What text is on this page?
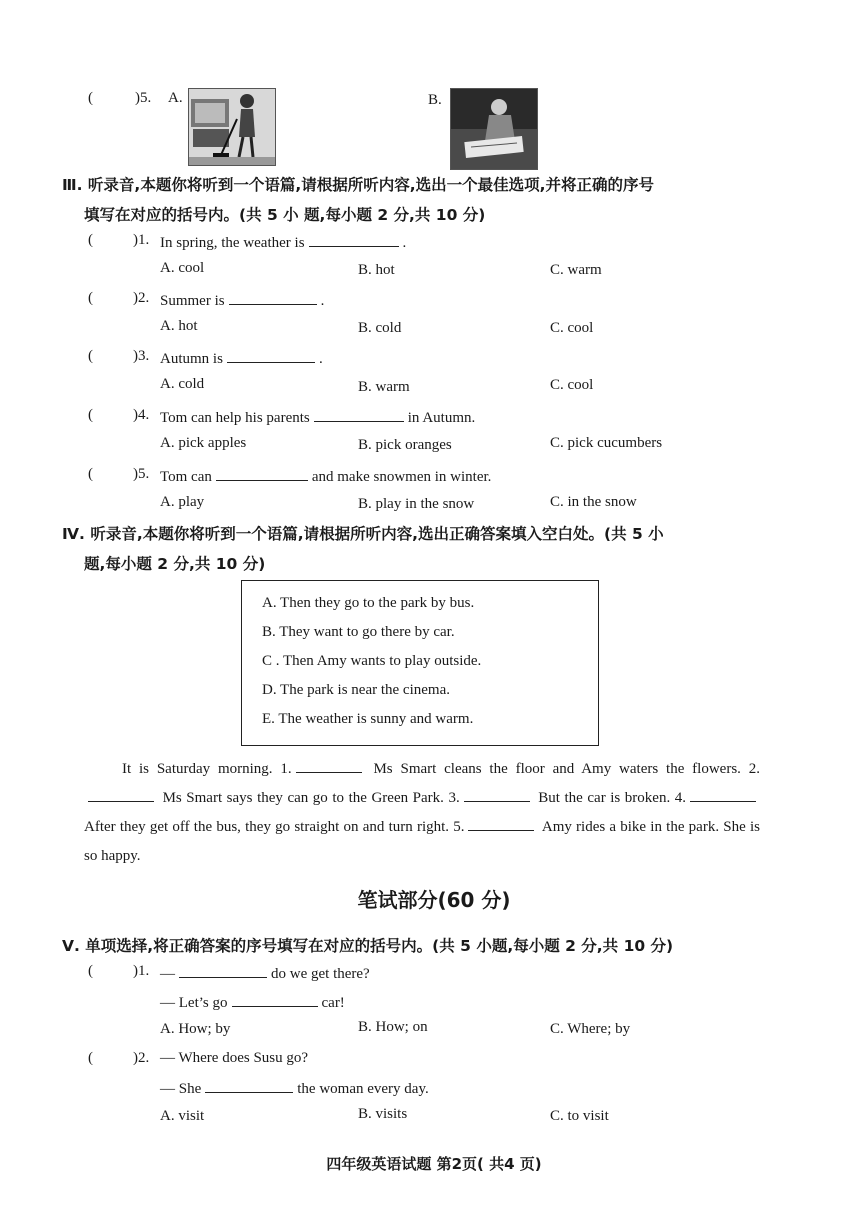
(	)5. A.	B.
Ⅲ. 听录音,本题你将听到一个语篇,请根据所听内容,选出一个最佳选项,并将正确的序号
填写在对应的括号内。(共 5 小 题,每小题 2 分,共 10 分)
(	)1. In spring, the weather is	.
A. cool	B. hot	C. warm
(	)2. Summer is	.
A. hot	B. cold	C. cool
(	)3. Autumn is	.
A. cold	B. warm	C. cool
(	)4. Tom can help his parents	in Autumn.
A. pick apples	B. pick oranges	C. pick cucumbers
(	)5. Tom can	and make snowmen in winter.
A. play	B. play in the snow	C. in the snow
Ⅳ. 听录音,本题你将听到一个语篇,请根据所听内容,选出正确答案填入空白处。(共 5 小
题,每小题 2 分,共 10 分)
A. Then they go to the park by bus.
B. They want to go there by car.
C . Then Amy wants to play outside.
D. The park is near the cinema.
E. The weather is sunny and warm.
It is Saturday morning. 1.	Ms Smart cleans the floor and Amy waters the flowers. 2. Ms Smart says they can go to the Green Park. 3.	But the car is broken. 4. After they get off the bus, they go straight on and turn right. 5.	Amy rides a bike in the park. She is so happy.
笔试部分(60 分)
Ⅴ. 单项选择,将正确答案的序号填写在对应的括号内。(共 5 小题,每小题 2 分,共 10 分)
(	)1. —	do we get there?
— Let’s go	car!
A. How; by	B. How; on	C. Where; by
(	)2. — Where does Susu go?
— She	the woman every day.
A. visit	B. visits	C. to visit
四年级英语试题 第2页( 共4 页)
